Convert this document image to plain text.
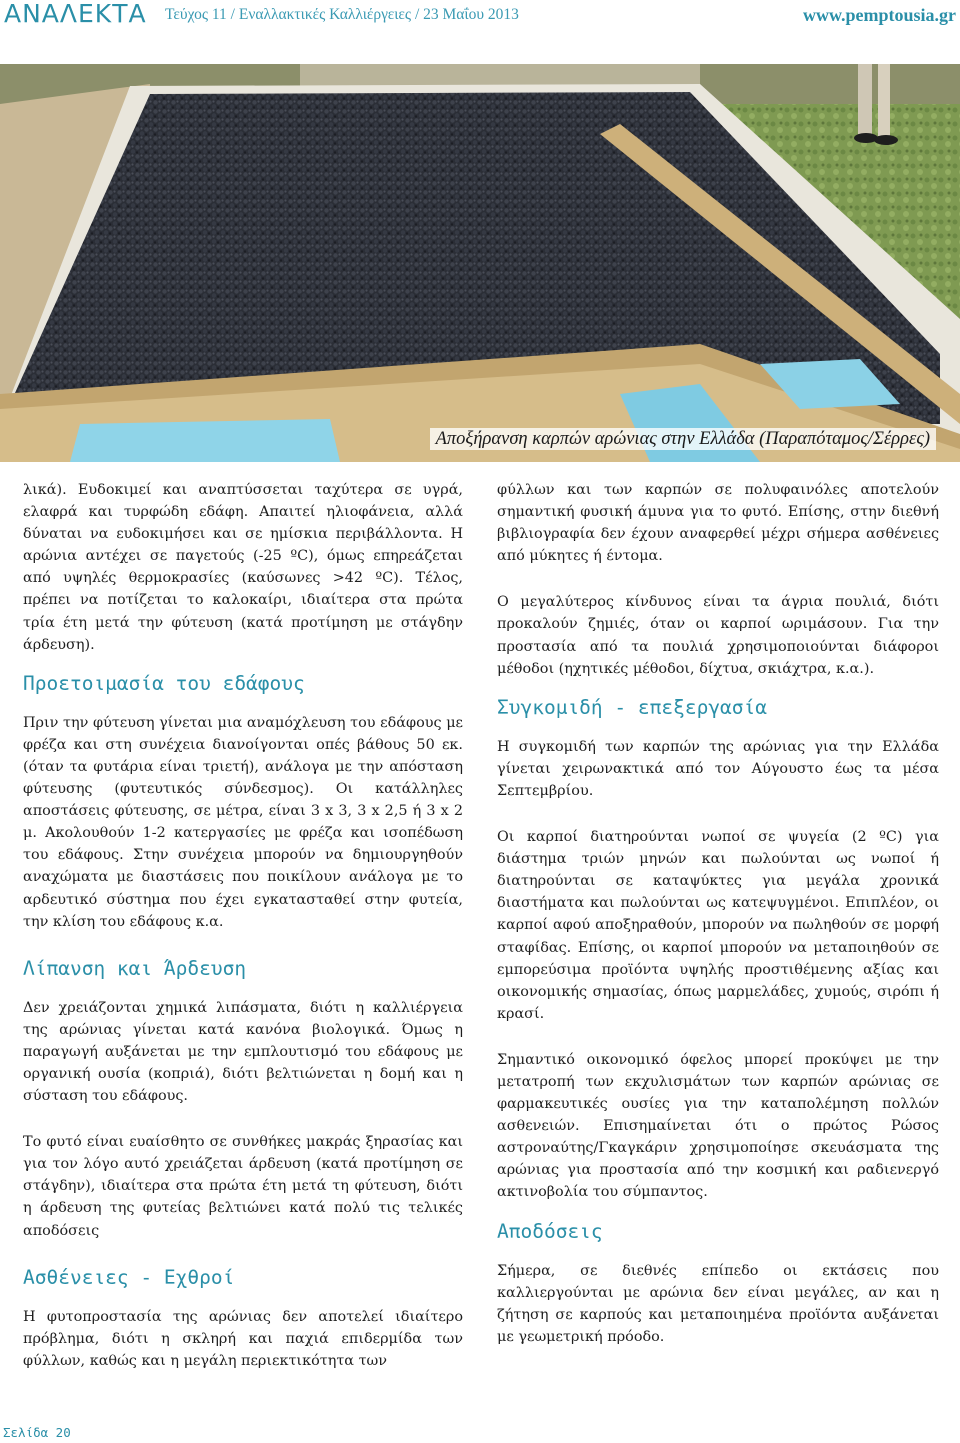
ΑΝΑΛΕΚΤΑ Τεύχος 11 / Εναλλακτικές Καλλιέργειες / 23 Μαΐου 2013	www.pemptousia.gr
Αποξήρανση καρπών αρώνιας στην Ελλάδα (Παραπόταμος/Σέρρες)

λικά). Ευδοκιμεί και αναπτύσσεται ταχύτερα σε υγρά, ελαφρά και τυρφώδη εδάφη. Απαιτεί ηλιοφάνεια, αλλά δύναται να ευδοκιμήσει και σε ημίσκια περιβάλλοντα. Η αρώνια αντέχει σε παγετούς (-25 ºC), όμως επηρεάζεται από υψηλές θερμοκρασίες (καύσωνες >42 ºC). Τέλος, πρέπει να ποτίζεται το καλοκαίρι, ιδιαίτερα στα πρώτα τρία έτη μετά την φύτευση (κατά προτίμηση με στάγδην άρδευση).

Προετοιμασία του εδάφους

Πριν την φύτευση γίνεται μια αναμόχλευση του εδάφους με φρέζα και στη συνέχεια διανοίγονται οπές βάθους 50 εκ. (όταν τα φυτάρια είναι τριετή), ανάλογα με την απόσταση φύτευσης (φυτευτικός σύνδεσμος). Οι κατάλληλες αποστάσεις φύτευσης, σε μέτρα, είναι 3 x 3, 3 x 2,5 ή 3 x 2 μ. Ακολουθούν 1-2 κατεργασίες με φρέζα και ισοπέδωση του εδάφους. Στην συνέχεια μπορούν να δημιουργηθούν αναχώματα με διαστάσεις που ποικίλουν ανάλογα με το αρδευτικό σύστημα που έχει εγκατασταθεί στην φυτεία, την κλίση του εδάφους κ.α.

Λίπανση και Άρδευση

Δεν χρειάζονται χημικά λιπάσματα, διότι η καλλιέργεια της αρώνιας γίνεται κατά κανόνα βιολογικά. Όμως η παραγωγή αυξάνεται με την εμπλουτισμό του εδάφους με οργανική ουσία (κοπριά), διότι βελτιώνεται η δομή και η σύσταση του εδάφους.

Το φυτό είναι ευαίσθητο σε συνθήκες μακράς ξηρασίας και για τον λόγο αυτό χρειάζεται άρδευση (κατά προτίμηση σε στάγδην), ιδιαίτερα στα πρώτα έτη μετά τη φύτευση, διότι η άρδευση της φυτείας βελτιώνει κατά πολύ τις τελικές αποδόσεις

Ασθένειες - Εχθροί

Η φυτοπροστασία της αρώνιας δεν αποτελεί ιδιαίτερο πρόβλημα, διότι η σκληρή και παχιά επιδερμίδα των φύλλων, καθώς και η μεγάλη περιεκτικότητα των

φύλλων και των καρπών σε πολυφαινόλες αποτελούν σημαντική φυσική άμυνα για το φυτό. Επίσης, στην διεθνή βιβλιογραφία δεν έχουν αναφερθεί μέχρι σήμερα ασθένειες από μύκητες ή έντομα.

Ο μεγαλύτερος κίνδυνος είναι τα άγρια πουλιά, διότι προκαλούν ζημιές, όταν οι καρποί ωριμάσουν. Για την προστασία από τα πουλιά χρησιμοποιούνται διάφοροι μέθοδοι (ηχητικές μέθοδοι, δίχτυα, σκιάχτρα, κ.α.).

Συγκομιδή - επεξεργασία

Η συγκομιδή των καρπών της αρώνιας για την Ελλάδα γίνεται χειρωνακτικά από τον Αύγουστο έως τα μέσα Σεπτεμβρίου.

Οι καρποί διατηρούνται νωποί σε ψυγεία (2 ºC) για διάστημα τριών μηνών και πωλούνται ως νωποί ή διατηρούνται σε καταψύκτες για μεγάλα χρονικά διαστήματα και πωλούνται ως κατεψυγμένοι. Επιπλέον, οι καρποί αφού αποξηραθούν, μπορούν να πωληθούν σε μορφή σταφίδας. Επίσης, οι καρποί μπορούν να μεταποιηθούν σε εμπορεύσιμα προϊόντα υψηλής προστιθέμενης αξίας και οικονομικής σημασίας, όπως μαρμελάδες, χυμούς, σιρόπι ή κρασί.

Σημαντικό οικονομικό όφελος μπορεί προκύψει με την μετατροπή των εκχυλισμάτων των καρπών αρώνιας σε φαρμακευτικές ουσίες για την καταπολέμηση πολλών ασθενειών. Επισημαίνεται ότι ο πρώτος Ρώσος αστροναύτης/Γκαγκάριν χρησιμοποίησε σκευάσματα της αρώνιας για προστασία από την κοσμική και ραδιενεργό ακτινοβολία του σύμπαντος.

Αποδόσεις

Σήμερα, σε διεθνές επίπεδο οι εκτάσεις που καλλιεργούνται με αρώνια δεν είναι μεγάλες, αν και η ζήτηση σε καρπούς και μεταποιημένα προϊόντα αυξάνεται με γεωμετρική πρόοδο.

Σελίδα 20
